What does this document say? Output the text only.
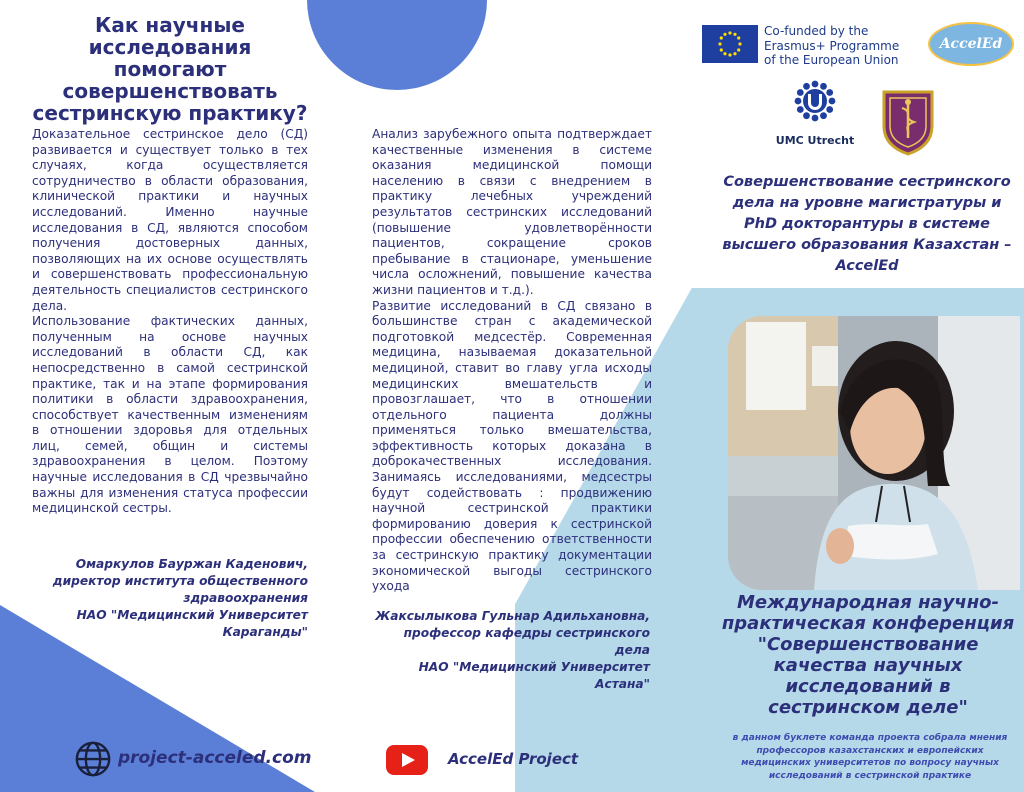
Как научные исследования помогают совершенствовать сестринскую практику?

Доказательное сестринское дело (СД) развивается и существует только в тех случаях, когда осуществляется сотрудничество в области образования, клинической практики и научных исследований. Именно научные исследования в СД, являются способом получения достоверных данных, позволяющих на их основе осуществлять и совершенствовать профессиональную деятельность специалистов сестринского дела.

Использование фактических данных, полученным на основе научных исследований в области СД, как непосредственно в самой сестринской практике, так и на этапе формирования политики в области здравоохранения, способствует качественным изменениям в отношении здоровья для отдельных лиц, семей, общин и системы здравоохранения в целом. Поэтому научные исследования в СД чрезвычайно важны для изменения статуса профессии медицинской сестры.

Омаркулов Бауржан Каденович,
директор института общественного
здравоохранения
НАО "Медицинский Университет
Караганды"
project-acceled.com

Анализ зарубежного опыта подтверждает качественные изменения в системе оказания медицинской помощи населению в связи с внедрением в практику лечебных учреждений результатов сестринских исследований (повышение удовлетворённости пациентов, сокращение сроков пребывание в стационаре, уменьшение числа осложнений, повышение качества жизни пациентов и т.д.).

Развитие исследований в СД связано в большинстве стран с академической подготовкой медсестёр. Современная медицина, называемая доказательной медициной, ставит во главу угла исходы медицинских вмешательств и провозглашает, что в отношении отдельного пациента должны применяться только вмешательства, эффективность которых доказана в доброкачественных исследования. Занимаясь исследованиями, медсестры будут содействовать : продвижению научной сестринской практики формированию доверия к сестринской профессии обеспечению ответственности за сестринскую практику документации экономической выгоды сестринского ухода

Жаксылыкова Гульнар Адильхановна,
профессор кафедры сестринского дела
НАО "Медицинский Университет
Астана"
AccelEd Project
Co-funded by the
Erasmus+ Programme
of the European Union
AccelEd
UMC Utrecht
Совершенствование сестринского дела на уровне магистратуры и PhD докторантуры в системе высшего образования Казахстан – AccelEd
Международная научно-практическая конференция "Совершенствование качества научных исследований в сестринском деле"
в данном буклете команда проекта собрала мнения профессоров казахстанских и европейских медицинских университетов по вопросу научных исследований в сестринской практике
